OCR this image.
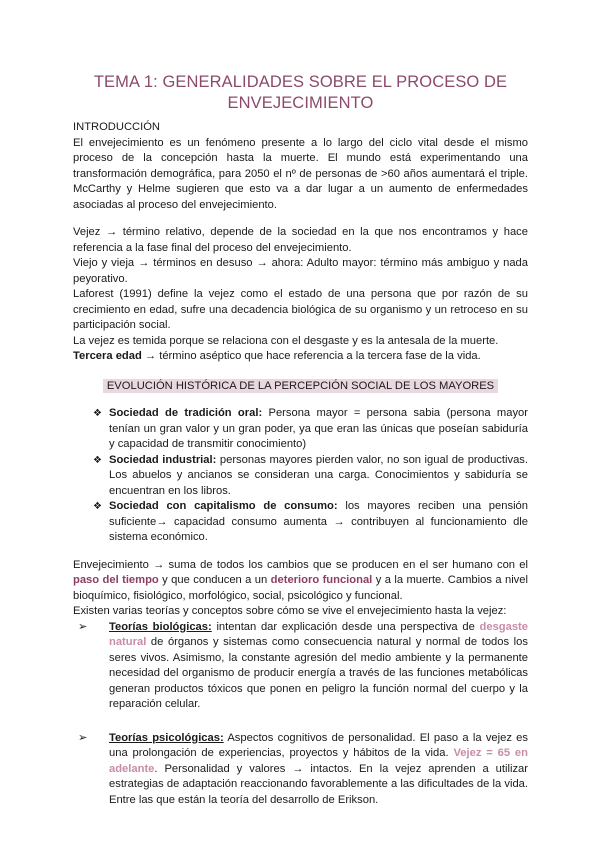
TEMA 1: GENERALIDADES SOBRE EL PROCESO DE
ENVEJECIMIENTO

INTRODUCCIÓN

El envejecimiento es un fenómeno presente a lo largo del ciclo vital desde el mismo proceso de la concepción hasta la muerte. El mundo está experimentando una transformación demográfica, para 2050 el nº de personas de >60 años aumentará el triple. McCarthy y Helme sugieren que esto va a dar lugar a un aumento de enfermedades asociadas al proceso del envejecimiento.

Vejez → término relativo, depende de la sociedad en la que nos encontramos y hace referencia a la fase final del proceso del envejecimiento.

Viejo y vieja → términos en desuso → ahora: Adulto mayor: término más ambiguo y nada peyorativo.

Laforest (1991) define la vejez como el estado de una persona que por razón de su crecimiento en edad, sufre una decadencia biológica de su organismo y un retroceso en su participación social.

La vejez es temida porque se relaciona con el desgaste y es la antesala de la muerte.

Tercera edad → término aséptico que hace referencia a la tercera fase de la vida.

EVOLUCIÓN HISTÓRICA DE LA PERCEPCIÓN SOCIAL DE LOS MAYORES
❖ Sociedad de tradición oral: Persona mayor = persona sabia (persona mayor tenían un gran valor y un gran poder, ya que eran las únicas que poseían sabiduría y capacidad de transmitir conocimiento)
❖ Sociedad industrial: personas mayores pierden valor, no son igual de productivas. Los abuelos y ancianos se consideran una carga. Conocimientos y sabiduría se encuentran en los libros.
❖ Sociedad con capitalismo de consumo: los mayores reciben una pensión suficiente→ capacidad consumo aumenta → contribuyen al funcionamiento dle sistema económico.

Envejecimiento → suma de todos los cambios que se producen en el ser humano con el paso del tiempo y que conducen a un deterioro funcional y a la muerte. Cambios a nivel bioquímico, fisiológico, morfológico, social, psicológico y funcional.

Existen varias teorías y conceptos sobre cómo se vive el envejecimiento hasta la vejez:

➢ Teorías biológicas: intentan dar explicación desde una perspectiva de desgaste natural de órganos y sistemas como consecuencia natural y normal de todos los seres vivos. Asimismo, la constante agresión del medio ambiente y la permanente necesidad del organismo de producir energía a través de las funciones metabólicas generan productos tóxicos que ponen en peligro la función normal del cuerpo y la reparación celular.
➢ Teorías psicológicas: Aspectos cognitivos de personalidad. El paso a la vejez es una prolongación de experiencias, proyectos y hábitos de la vida. Vejez = 65 en adelante. Personalidad y valores → intactos. En la vejez aprenden a utilizar estrategias de adaptación reaccionando favorablemente a las dificultades de la vida. Entre las que están la teoría del desarrollo de Erikson.
